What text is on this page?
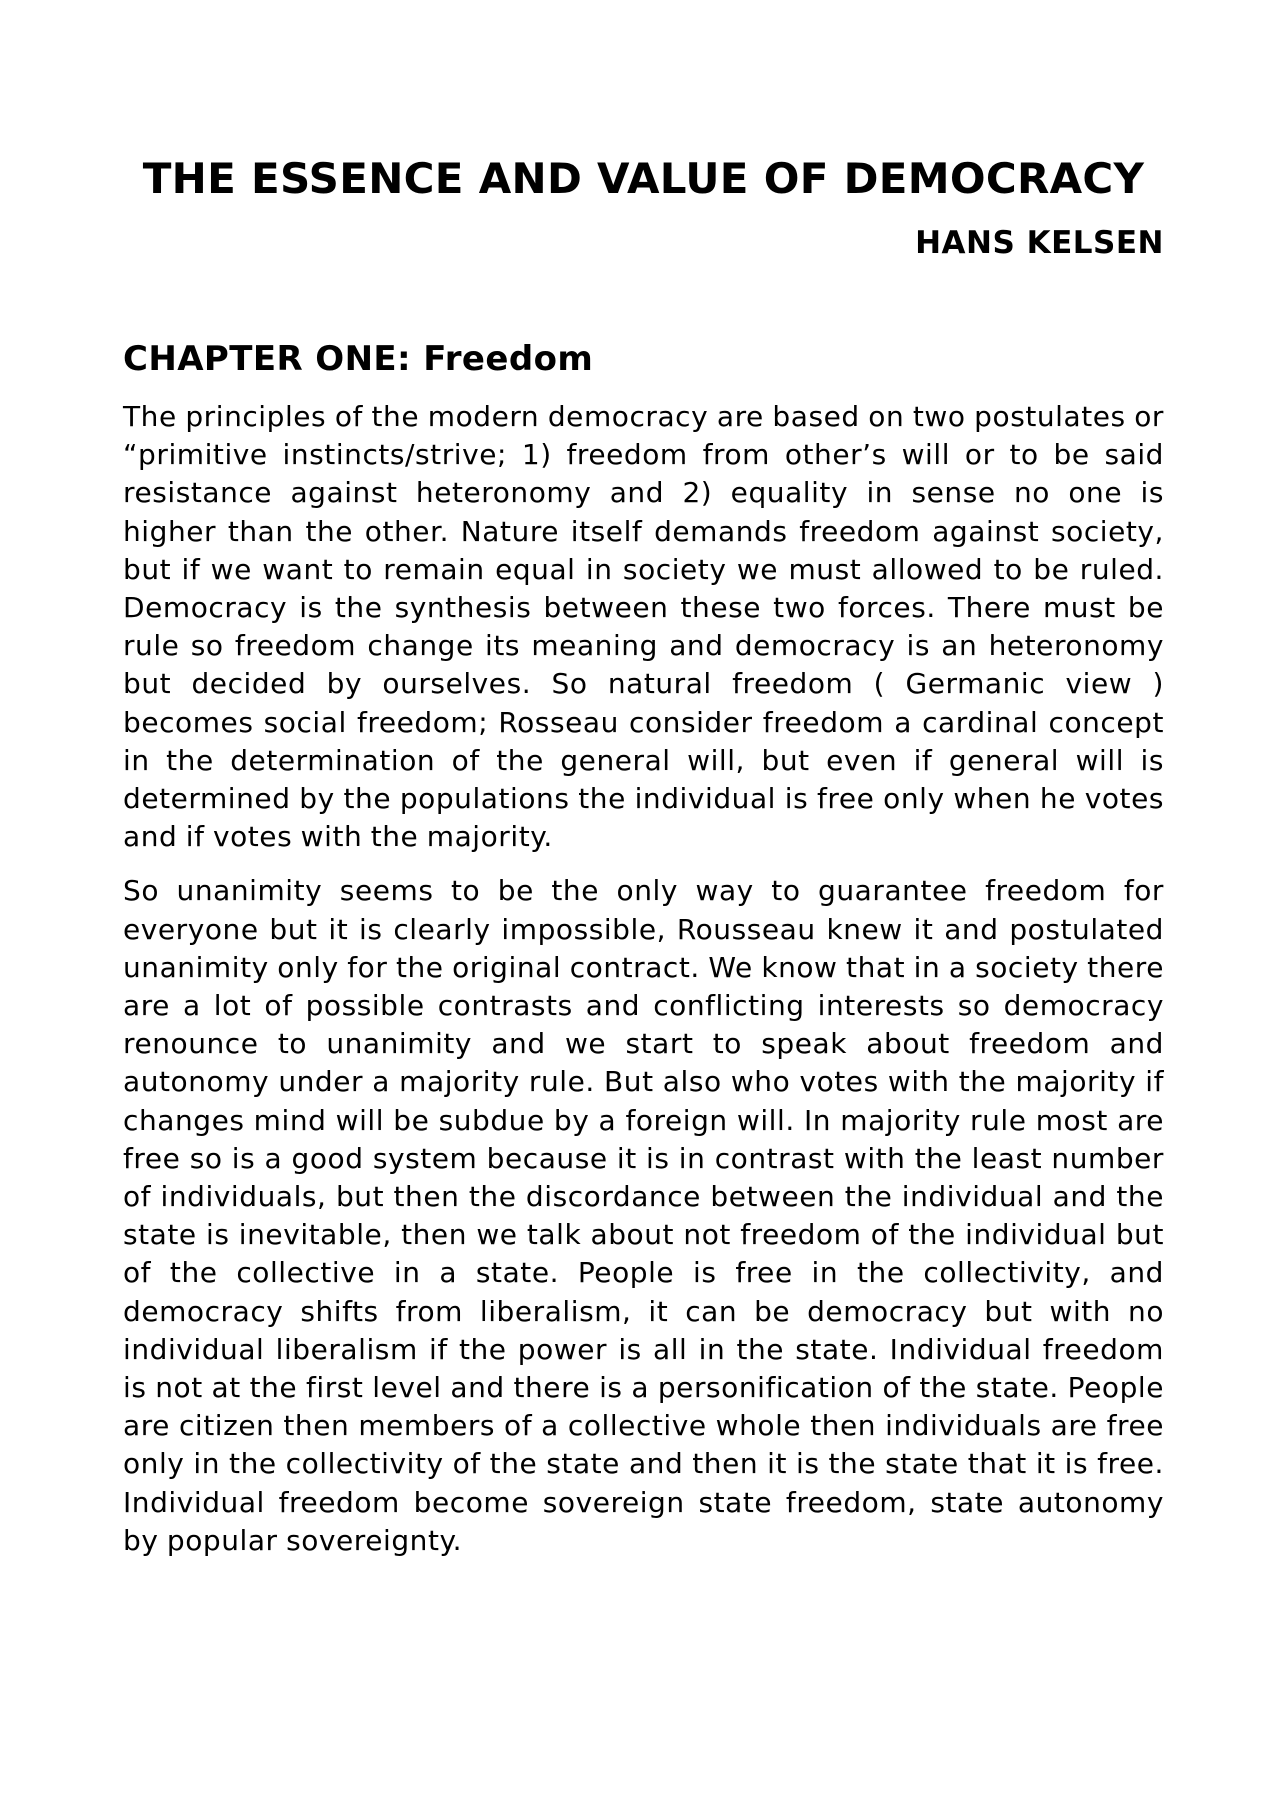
THE ESSENCE AND VALUE OF DEMOCRACY
HANS KELSEN
CHAPTER ONE: Freedom

The principles of the modern democracy are based on two postulates or “primitive instincts/strive; 1) freedom from other’s will or to be said resistance against heteronomy and 2) equality in sense no one is higher than the other. Nature itself demands freedom against society, but if we want to remain equal in society we must allowed to be ruled. Democracy is the synthesis between these two forces. There must be rule so freedom change its meaning and democracy is an heteronomy but decided by ourselves. So natural freedom ( Germanic view ) becomes social freedom; Rosseau consider freedom a cardinal concept in the determination of the general will, but even if general will is determined by the populations the individual is free only when he votes and if votes with the majority.

So unanimity seems to be the only way to guarantee freedom for everyone but it is clearly impossible, Rousseau knew it and postulated unanimity only for the original contract. We know that in a society there are a lot of possible contrasts and conflicting interests so democracy renounce to unanimity and we start to speak about freedom and autonomy under a majority rule. But also who votes with the majority if changes mind will be subdue by a foreign will. In majority rule most are free so is a good system because it is in contrast with the least number of individuals, but then the discordance between the individual and the state is inevitable, then we talk about not freedom of the individual but of the collective in a state. People is free in the collectivity, and democracy shifts from liberalism, it can be democracy but with no individual liberalism if the power is all in the state. Individual freedom is not at the first level and there is a personification of the state. People are citizen then members of a collective whole then individuals are free only in the collectivity of the state and then it is the state that it is free. Individual freedom become sovereign state freedom, state autonomy by popular sovereignty.
